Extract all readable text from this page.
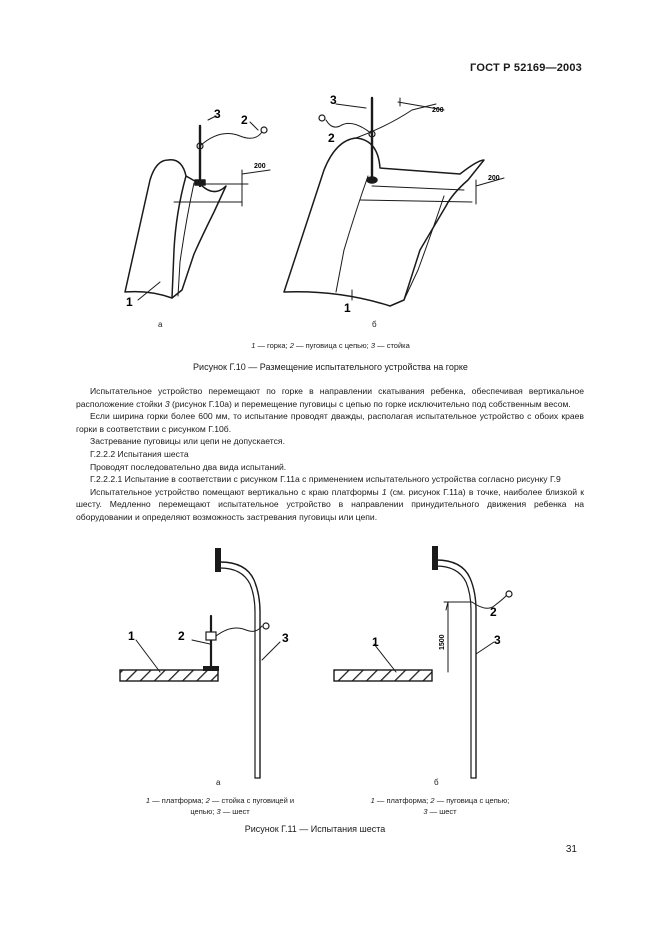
ГОСТ Р 52169—2003
1
2
3
200
1
2
3
200
200
а	б
1 — горка; 2 — пуговица с цепью; 3 — стойка
Рисунок Г.10 — Размещение испытательного устройства на горке

Испытательное устройство перемещают по горке в направлении скатывания ребенка, обеспечивая вертикальное расположение стойки 3 (рисунок Г.10а) и перемещение пуговицы с цепью по горке исключительно под собственным весом.

Если ширина горки более 600 мм, то испытание проводят дважды, располагая испытательное устройство с обоих краев горки в соответствии с рисунком Г.10б.

Застревание пуговицы или цепи не допускается.

Г.2.2.2 Испытания шеста

Проводят последовательно два вида испытаний.

Г.2.2.2.1 Испытание в соответствии с рисунком Г.11а с применением испытательного устройства согласно рисунку Г.9

Испытательное устройство помещают вертикально с краю платформы 1 (см. рисунок Г.11а) в точке, наиболее близкой к шесту. Медленно перемещают испытательное устройство в направлении принудительного движения ребенка на оборудовании и определяют возможность застревания пуговицы или цепи.

1	2	3	1
2
3
1500
а	б
1 — платформа; 2 — стойка с пуговицей и
цепью; 3 — шест
1 — платформа; 2 — пуговица с цепью;
3 — шест
Рисунок Г.11 — Испытания шеста
31
